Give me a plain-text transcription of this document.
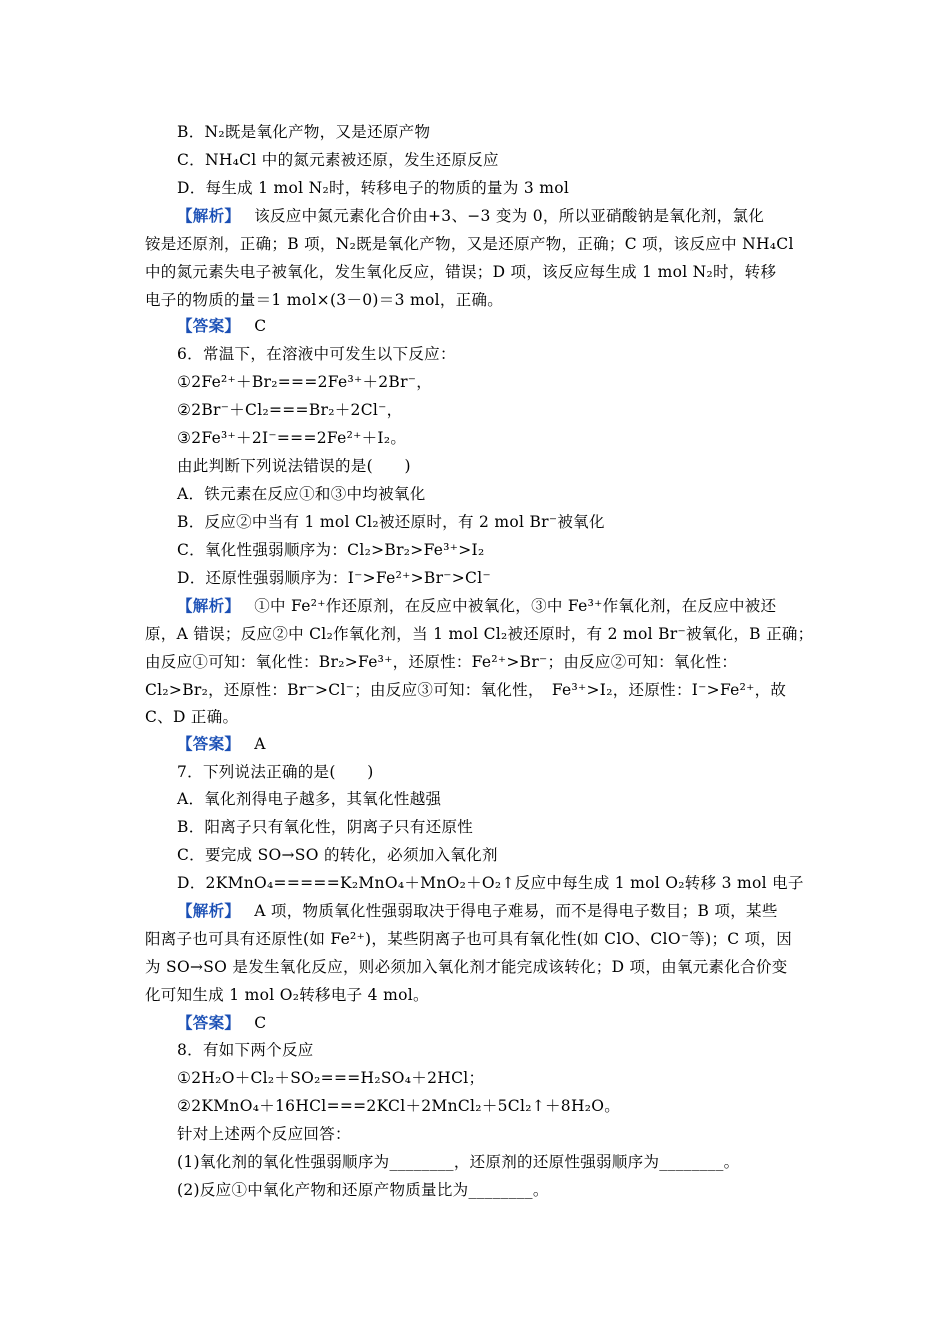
B．N₂既是氧化产物，又是还原产物
C．NH₄Cl 中的氮元素被还原，发生还原反应
D．每生成 1 mol N₂时，转移电子的物质的量为 3 mol
【解析】 该反应中氮元素化合价由+3、−3 变为 0，所以亚硝酸钠是氧化剂，氯化
铵是还原剂，正确；B 项，N₂既是氧化产物，又是还原产物，正确；C 项，该反应中 NH₄Cl
中的氮元素失电子被氧化，发生氧化反应，错误；D 项，该反应每生成 1 mol N₂时，转移
电子的物质的量＝1 mol×(3－0)＝3 mol，正确。
【答案】 C
6．常温下，在溶液中可发生以下反应：
①2Fe²⁺＋Br₂===2Fe³⁺＋2Br⁻，
②2Br⁻＋Cl₂===Br₂＋2Cl⁻，
③2Fe³⁺＋2I⁻===2Fe²⁺＋I₂。
由此判断下列说法错误的是(　　)
A．铁元素在反应①和③中均被氧化
B．反应②中当有 1 mol Cl₂被还原时，有 2 mol Br⁻被氧化
C．氧化性强弱顺序为：Cl₂>Br₂>Fe³⁺>I₂
D．还原性强弱顺序为：I⁻>Fe²⁺>Br⁻>Cl⁻
【解析】 ①中 Fe²⁺作还原剂，在反应中被氧化，③中 Fe³⁺作氧化剂，在反应中被还
原，A 错误；反应②中 Cl₂作氧化剂，当 1 mol Cl₂被还原时，有 2 mol Br⁻被氧化，B 正确；
由反应①可知：氧化性：Br₂>Fe³⁺，还原性：Fe²⁺>Br⁻；由反应②可知：氧化性：
Cl₂>Br₂，还原性：Br⁻>Cl⁻；由反应③可知：氧化性，　Fe³⁺>I₂，还原性：I⁻>Fe²⁺，故
C、D 正确。
【答案】 A
7．下列说法正确的是(　　)
A．氧化剂得电子越多，其氧化性越强
B．阳离子只有氧化性，阴离子只有还原性
C．要完成 SO→SO 的转化，必须加入氧化剂
D．2KMnO₄=====K₂MnO₄＋MnO₂＋O₂↑反应中每生成 1 mol O₂转移 3 mol 电子
【解析】 A 项，物质氧化性强弱取决于得电子难易，而不是得电子数目；B 项，某些
阳离子也可具有还原性(如 Fe²⁺)，某些阴离子也可具有氧化性(如 ClO、ClO⁻等)；C 项，因
为 SO→SO 是发生氧化反应，则必须加入氧化剂才能完成该转化；D 项，由氧元素化合价变
化可知生成 1 mol O₂转移电子 4 mol。
【答案】 C
8．有如下两个反应
①2H₂O＋Cl₂＋SO₂===H₂SO₄＋2HCl；
②2KMnO₄＋16HCl===2KCl＋2MnCl₂＋5Cl₂↑＋8H₂O。
针对上述两个反应回答：
(1)氧化剂的氧化性强弱顺序为________，还原剂的还原性强弱顺序为________。
(2)反应①中氧化产物和还原产物质量比为________。
